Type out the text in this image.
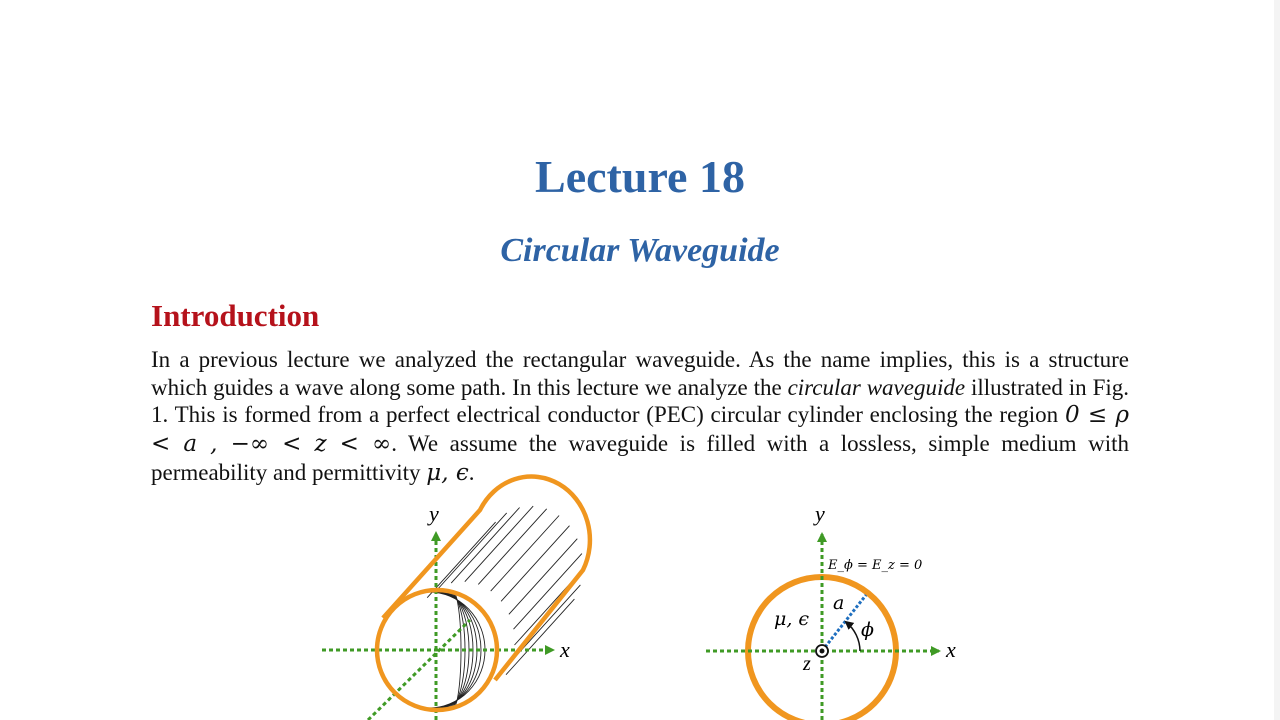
Lecture 18
Circular Waveguide
Introduction

In a previous lecture we analyzed the rectangular waveguide. As the name implies, this is a structure which guides a wave along some path. In this lecture we analyze the circular waveguide illustrated in Fig. 1. This is formed from a perfect electrical conductor (PEC) circular cylinder enclosing the region 0 ≤ ρ < a , −∞ < z < ∞. We assume the waveguide is filled with a lossless, simple medium with permeability and permittivity μ, ϵ.

y
x
y
x
z
E_ϕ = E_z = 0
μ, ϵ
a
ϕ
